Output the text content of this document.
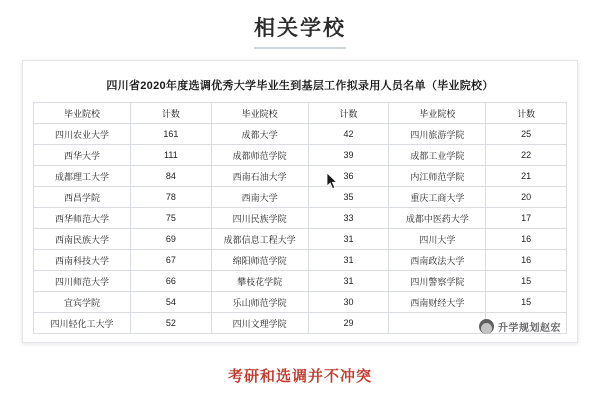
相关学校
四川省2020年度选调优秀大学毕业生到基层工作拟录用人员名单（毕业院校）
毕业院校	计数	毕业院校	计数	毕业院校	计数
四川农业大学	161	成都大学	42	四川旅游学院	25
西华大学	111	成都师范学院	39	成都工业学院	22
成都理工大学	84	西南石油大学	36	内江师范学院	21
西昌学院	78	西南大学	35	重庆工商大学	20
西华师范大学	75	四川民族学院	33	成都中医药大学	17
西南民族大学	69	成都信息工程大学	31	四川大学	16
西南科技大学	67	绵阳师范学院	31	西南政法大学	16
四川师范大学	66	攀枝花学院	31	四川警察学院	15
宜宾学院	54	乐山师范学院	30	西南财经大学	15
四川轻化工大学	52	四川文理学院	29			升学规划赵宏
考研和选调并不冲突
